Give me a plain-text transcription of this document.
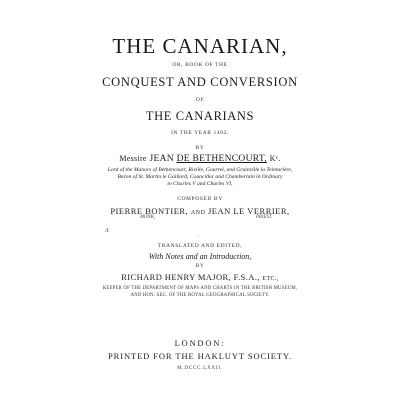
THE CANARIAN,
OR, BOOK OF THE
CONQUEST AND CONVERSION
OF
THE CANARIANS
IN THE YEAR 1402,
BY
Messire JEAN DE BETHENCOURT, Kᵛ.
Lord of the Manors of Bethencourt, Riville, Gourrel, and Grainville la Teinturière,
Baron of St. Martin le Gaillard, Councillor and Chamberlain in Ordinary
to Charles V and Charles VI,
COMPOSED BY
PIERRE BONTIER, AND JEAN LE VERRIER,
MONK,	PRIEST.
A
·
TRANSLATED AND EDITED,
With Notes and an Introduction,
BY
RICHARD HENRY MAJOR, F.S.A., ETC.,
KEEPER OF THE DEPARTMENT OF MAPS AND CHARTS IN THE BRITISH MUSEUM,
AND HON. SEC. OF THE ROYAL GEOGRAPHICAL SOCIETY.
LONDON:
PRINTED FOR THE HAKLUYT SOCIETY.
M.DCCC.LXXII.
